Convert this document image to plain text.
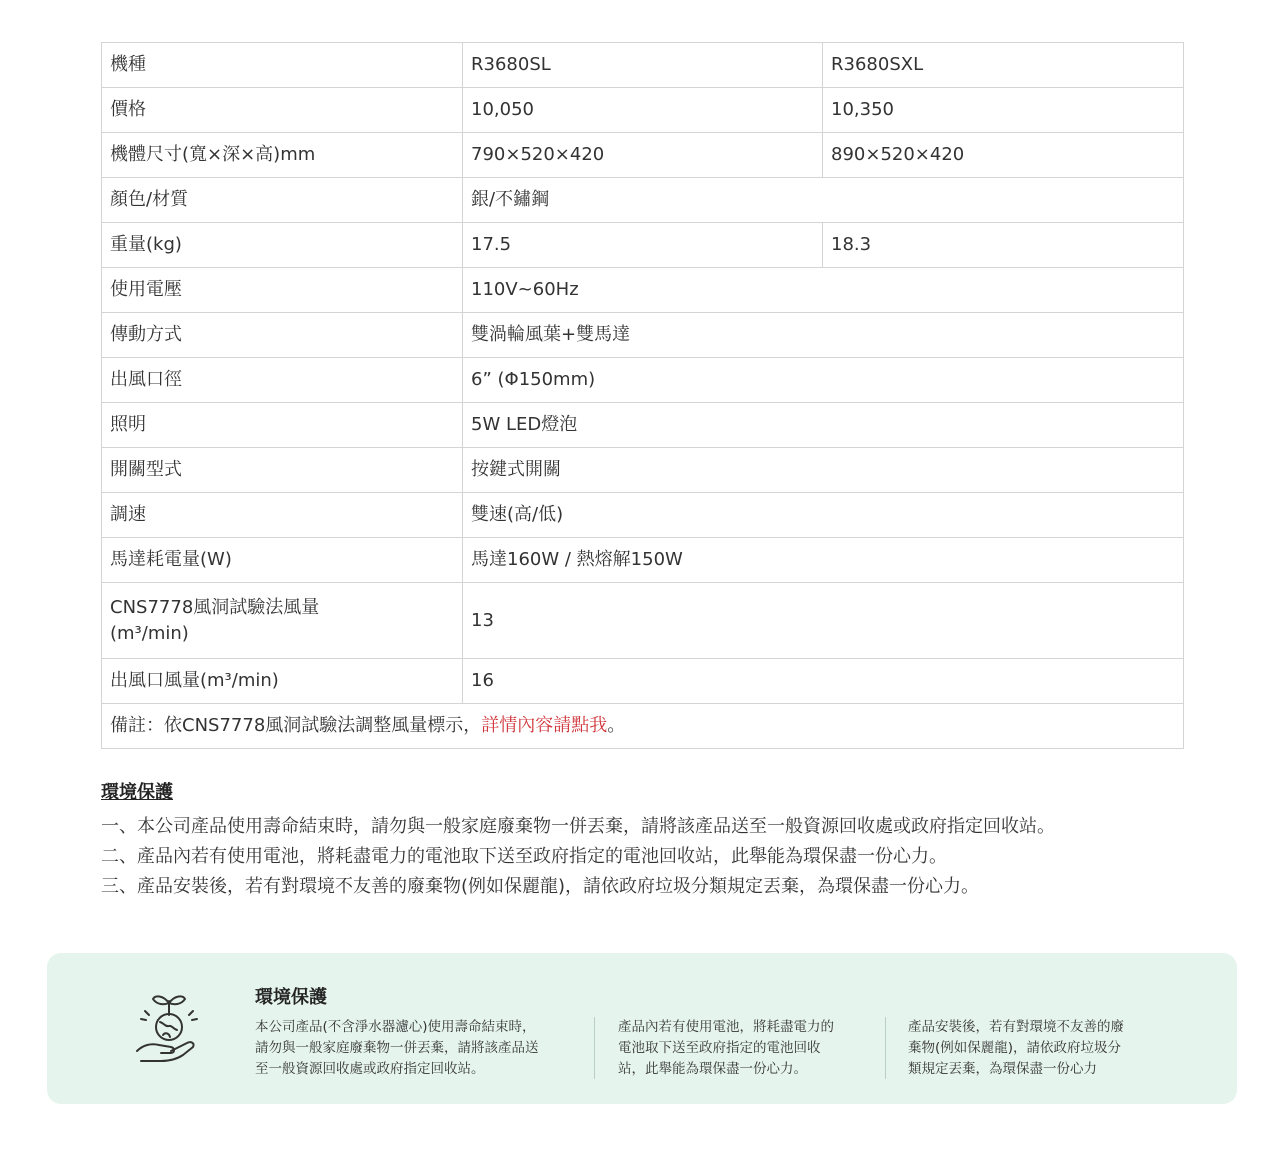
機種	R3680SL	R3680SXL
價格	10,050	10,350
機體尺寸(寬×深×高)mm	790×520×420	890×520×420
顏色/材質	銀/不鏽鋼	
重量(kg)	17.5	18.3
使用電壓	110V~60Hz	
傳動方式	雙渦輪風葉+雙馬達	
出風口徑	6” (Φ150mm)	
照明	5W LED燈泡	
開關型式	按鍵式開關	
調速	雙速(高/低)	
馬達耗電量(W)	馬達160W / 熱熔解150W	

CNS7778風洞試驗法風量
(m³/min)	13	
出風口風量(m³/min)	16	
備註：依CNS7778風洞試驗法調整風量標示，詳情內容請點我。		
環境保護
一、本公司產品使用壽命結束時，請勿與一般家庭廢棄物一併丟棄，請將該產品送至一般資源回收處或政府指定回收站。
二、產品內若有使用電池，將耗盡電力的電池取下送至政府指定的電池回收站，此舉能為環保盡一份心力。
三、產品安裝後，若有對環境不友善的廢棄物(例如保麗龍)，請依政府垃圾分類規定丟棄，為環保盡一份心力。
環境保護
本公司產品(不含淨水器濾心)使用壽命結束時，
請勿與一般家庭廢棄物一併丟棄，請將該產品送
至一般資源回收處或政府指定回收站。
產品內若有使用電池，將耗盡電力的
電池取下送至政府指定的電池回收
站，此舉能為環保盡一份心力。
產品安裝後，若有對環境不友善的廢
棄物(例如保麗龍)，請依政府垃圾分
類規定丟棄，為環保盡一份心力
